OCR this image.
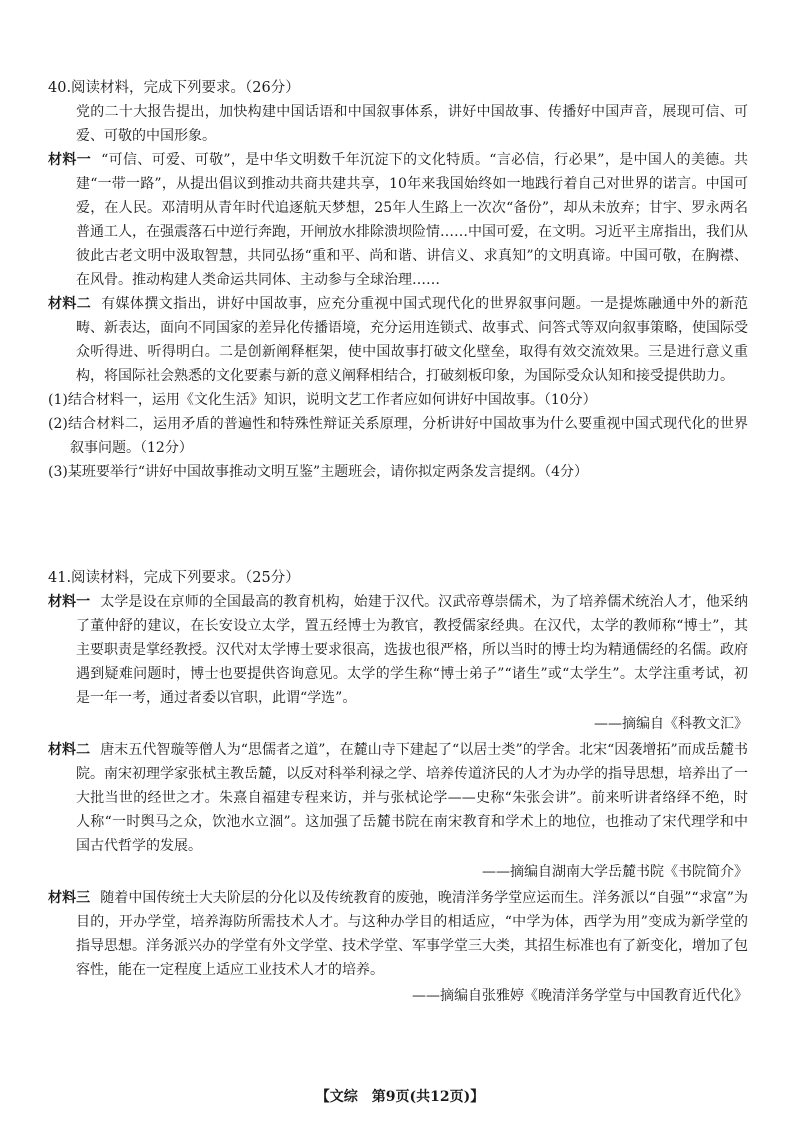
40.阅读材料，完成下列要求。（26分）

党的二十大报告提出，加快构建中国话语和中国叙事体系，讲好中国故事、传播好中国声音，展现可信、可爱、可敬的中国形象。

材料一 “可信、可爱、可敬”，是中华文明数千年沉淀下的文化特质。“言必信，行必果”，是中国人的美德。共建“一带一路”，从提出倡议到推动共商共建共享，10年来我国始终如一地践行着自己对世界的诺言。中国可爱，在人民。邓清明从青年时代追逐航天梦想，25年人生路上一次次“备份”，却从未放弃；甘宇、罗永两名普通工人，在强震落石中逆行奔跑，开闸放水排除溃坝险情……中国可爱，在文明。习近平主席指出，我们从彼此古老文明中汲取智慧，共同弘扬“重和平、尚和谐、讲信义、求真知”的文明真谛。中国可敬，在胸襟、在风骨。推动构建人类命运共同体、主动参与全球治理……

材料二 有媒体撰文指出，讲好中国故事，应充分重视中国式现代化的世界叙事问题。一是提炼融通中外的新范畴、新表达，面向不同国家的差异化传播语境，充分运用连锁式、故事式、问答式等双向叙事策略，使国际受众听得进、听得明白。二是创新阐释框架，使中国故事打破文化壁垒，取得有效交流效果。三是进行意义重构，将国际社会熟悉的文化要素与新的意义阐释相结合，打破刻板印象，为国际受众认知和接受提供助力。

(1)结合材料一，运用《文化生活》知识，说明文艺工作者应如何讲好中国故事。（10分）

(2)结合材料二，运用矛盾的普遍性和特殊性辩证关系原理，分析讲好中国故事为什么要重视中国式现代化的世界叙事问题。（12分）

(3)某班要举行“讲好中国故事推动文明互鉴”主题班会，请你拟定两条发言提纲。（4分）

41.阅读材料，完成下列要求。（25分）

材料一 太学是设在京师的全国最高的教育机构，始建于汉代。汉武帝尊崇儒术，为了培养儒术统治人才，他采纳了董仲舒的建议，在长安设立太学，置五经博士为教官，教授儒家经典。在汉代，太学的教师称“博士”，其主要职责是掌经教授。汉代对太学博士要求很高，选拔也很严格，所以当时的博士均为精通儒经的名儒。政府遇到疑难问题时，博士也要提供咨询意见。太学的学生称“博士弟子”“诸生”或“太学生”。太学注重考试，初是一年一考，通过者委以官职，此谓“学选”。

——摘编自《科教文汇》

材料二 唐末五代智璇等僧人为“思儒者之道”，在麓山寺下建起了“以居士类”的学舍。北宋“因袭增拓”而成岳麓书院。南宋初理学家张栻主教岳麓，以反对科举利禄之学、培养传道济民的人才为办学的指导思想，培养出了一大批当世的经世之才。朱熹自福建专程来访，并与张栻论学——史称“朱张会讲”。前来听讲者络绎不绝，时人称“一时舆马之众，饮池水立涸”。这加强了岳麓书院在南宋教育和学术上的地位，也推动了宋代理学和中国古代哲学的发展。

——摘编自湖南大学岳麓书院《书院简介》

材料三 随着中国传统士大夫阶层的分化以及传统教育的废弛，晚清洋务学堂应运而生。洋务派以“自强”“求富”为目的，开办学堂，培养海防所需技术人才。与这种办学目的相适应，“中学为体，西学为用”变成为新学堂的指导思想。洋务派兴办的学堂有外文学堂、技术学堂、军事学堂三大类，其招生标准也有了新变化，增加了包容性，能在一定程度上适应工业技术人才的培养。

——摘编自张雅婷《晚清洋务学堂与中国教育近代化》

【文综　第9页(共12页)】
